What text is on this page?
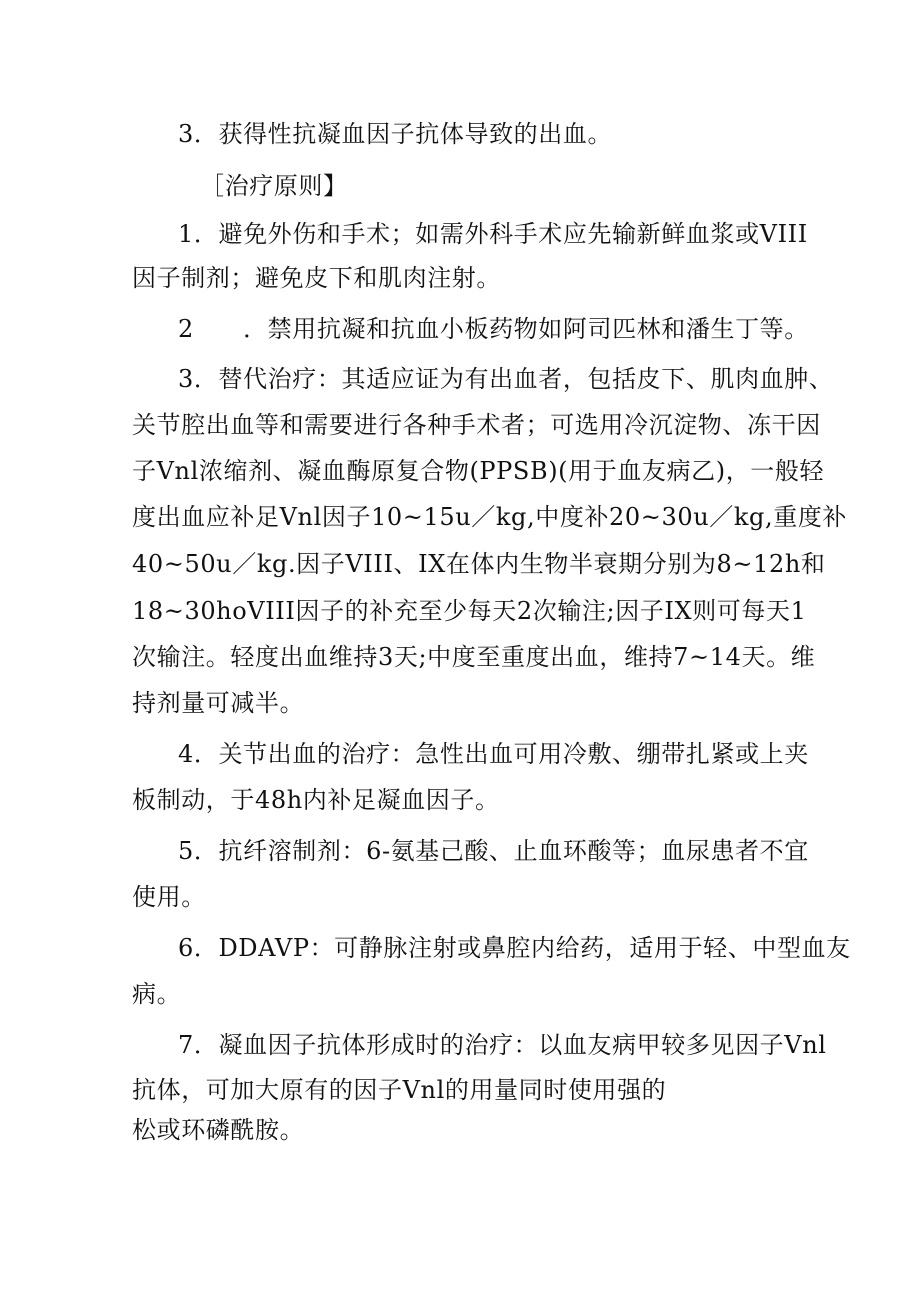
3．获得性抗凝血因子抗体导致的出血。
［治疗原则】
1．避免外伤和手术；如需外科手术应先输新鲜血浆或VIII
因子制剂；避免皮下和肌肉注射。
2　　．禁用抗凝和抗血小板药物如阿司匹林和潘生丁等。
3．替代治疗：其适应证为有出血者，包括皮下、肌肉血肿、
关节腔出血等和需要进行各种手术者；可选用冷沉淀物、冻干因
子Vnl浓缩剂、凝血酶原复合物(PPSB)(用于血友病乙)，一般轻
度出血应补足Vnl因子10~15u／kg,中度补20~30u／kg,重度补
40~50u／kg.因子VIII、IX在体内生物半衰期分别为8~12h和
18~30hoVIII因子的补充至少每天2次输注;因子IX则可每天1
次输注。轻度出血维持3天;中度至重度出血，维持7~14天。维
持剂量可减半。
4．关节出血的治疗：急性出血可用冷敷、绷带扎紧或上夹
板制动，于48h内补足凝血因子。
5．抗纤溶制剂：6-氨基己酸、止血环酸等；血尿患者不宜
使用。
6．DDAVP：可静脉注射或鼻腔内给药，适用于轻、中型血友
病。
7．凝血因子抗体形成时的治疗：以血友病甲较多见因子Vnl
抗体，可加大原有的因子Vnl的用量同时使用强的
松或环磷酰胺。
